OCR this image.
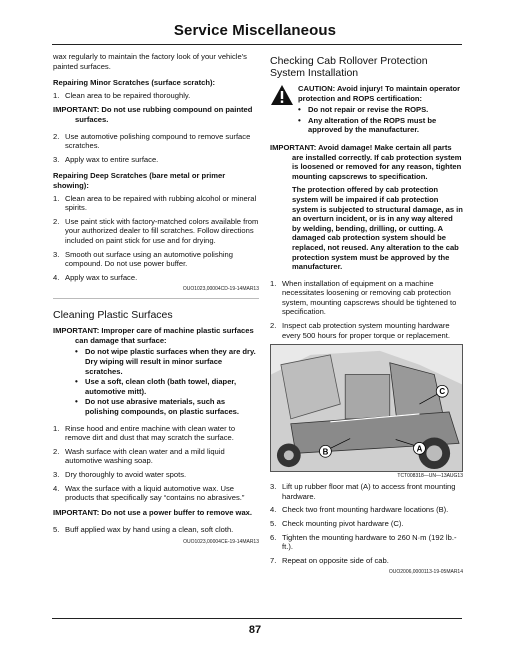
Service Miscellaneous

wax regularly to maintain the factory look of your vehicle's painted surfaces.

Repairing Minor Scratches (surface scratch):
1. Clean area to be repaired thoroughly.

IMPORTANT: Do not use rubbing compound on painted surfaces.

2. Use automotive polishing compound to remove surface scratches.
3. Apply wax to entire surface.
Repairing Deep Scratches (bare metal or primer showing):
1. Clean area to be repaired with rubbing alcohol or mineral spirits.
2. Use paint stick with factory-matched colors available from your authorized dealer to fill scratches. Follow directions included on paint stick for use and for drying.
3. Smooth out surface using an automotive polishing compound. Do not use power buffer.
4. Apply wax to surface.
OUO1023,00004CD-19-14MAR13
Cleaning Plastic Surfaces

IMPORTANT: Improper care of machine plastic surfaces can damage that surface:

• Do not wipe plastic surfaces when they are dry. Dry wiping will result in minor surface scratches.
• Use a soft, clean cloth (bath towel, diaper, automotive mitt).
• Do not use abrasive materials, such as polishing compounds, on plastic surfaces.
1. Rinse hood and entire machine with clean water to remove dirt and dust that may scratch the surface.
2. Wash surface with clean water and a mild liquid automotive washing soap.
3. Dry thoroughly to avoid water spots.
4. Wax the surface with a liquid automotive wax. Use products that specifically say “contains no abrasives.”

IMPORTANT: Do not use a power buffer to remove wax.

5. Buff applied wax by hand using a clean, soft cloth.
OUO1023,00004CE-19-14MAR13
Checking Cab Rollover Protection System Installation
CAUTION: Avoid injury! To maintain operator protection and ROPS certification:
• Do not repair or revise the ROPS.
• Any alteration of the ROPS must be approved by the manufacturer.

IMPORTANT: Avoid damage! Make certain all parts are installed correctly. If cab protection system is loosened or removed for any reason, tighten mounting capscrews to specification.

The protection offered by cab protection system will be impaired if cab protection system is subjected to structural damage, as in an overturn incident, or is in any way altered by welding, bending, drilling, or cutting. A damaged cab protection system should be replaced, not reused. Any alteration to the cab protection system must be approved by the manufacturer.

1. When installation of equipment on a machine necessitates loosening or removing cab protection system, mounting capscrews should be tightened to specification.
2. Inspect cab protection system mounting hardware every 500 hours for proper torque or replacement.
B	A
C
TCT008318—UN—13AUG13
3. Lift up rubber floor mat (A) to access front mounting hardware.
4. Check two front mounting hardware locations (B).
5. Check mounting pivot hardware (C).
6. Tighten the mounting hardware to 260 N·m (192 lb.-ft.).
7. Repeat on opposite side of cab.
OUO2006,0000113-19-05MAR14
87
